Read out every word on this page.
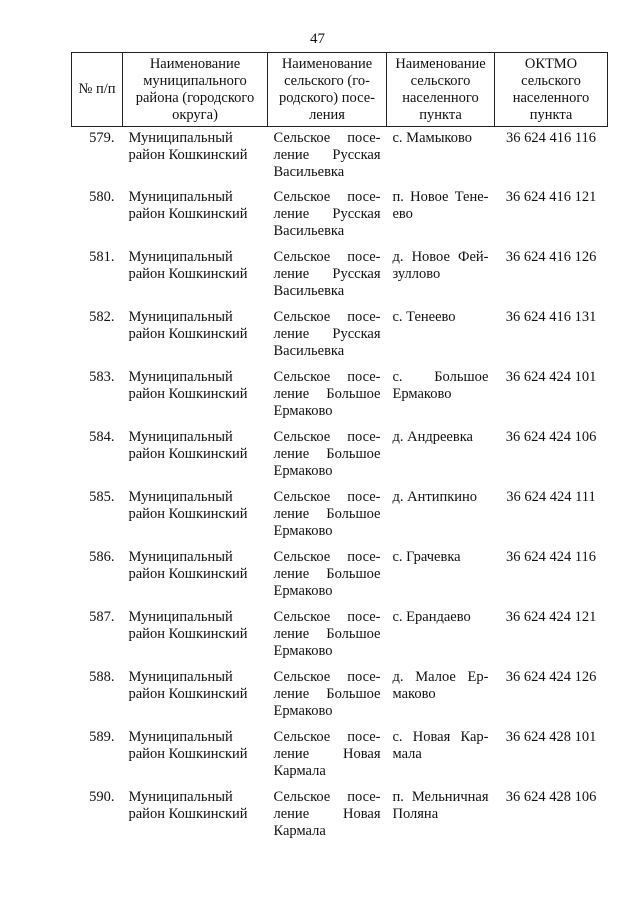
47
№ п/п	Наименование муниципального района (городского округа)	Наименование сельского (го-родского) посе-ления	Наименование сельского населенного пункта	ОКТМО сельского населенного пункта
579.	Муниципальный район Кошкинский	Сельское посе-ление Русская Васильевка	с. Мамыково	36 624 416 116
580.	Муниципальный район Кошкинский	Сельское посе-ление Русская Васильевка	п. Новое Тене-ево	36 624 416 121
581.	Муниципальный район Кошкинский	Сельское посе-ление Русская Васильевка	д. Новое Фей-зуллово	36 624 416 126
582.	Муниципальный район Кошкинский	Сельское посе-ление Русская Васильевка	с. Тенеево	36 624 416 131
583.	Муниципальный район Кошкинский	Сельское посе-ление Большое Ермаково	с. Большое Ермаково	36 624 424 101
584.	Муниципальный район Кошкинский	Сельское посе-ление Большое Ермаково	д. Андреевка	36 624 424 106
585.	Муниципальный район Кошкинский	Сельское посе-ление Большое Ермаково	д. Антипкино	36 624 424 111
586.	Муниципальный район Кошкинский	Сельское посе-ление Большое Ермаково	с. Грачевка	36 624 424 116
587.	Муниципальный район Кошкинский	Сельское посе-ление Большое Ермаково	с. Ерандаево	36 624 424 121
588.	Муниципальный район Кошкинский	Сельское посе-ление Большое Ермаково	д. Малое Ер-маково	36 624 424 126
589.	Муниципальный район Кошкинский	Сельское посе-ление Новая Кармала	с. Новая Кар-мала	36 624 428 101
590.	Муниципальный район Кошкинский	Сельское посе-ление Новая Кармала	п. Мельничная Поляна	36 624 428 106
